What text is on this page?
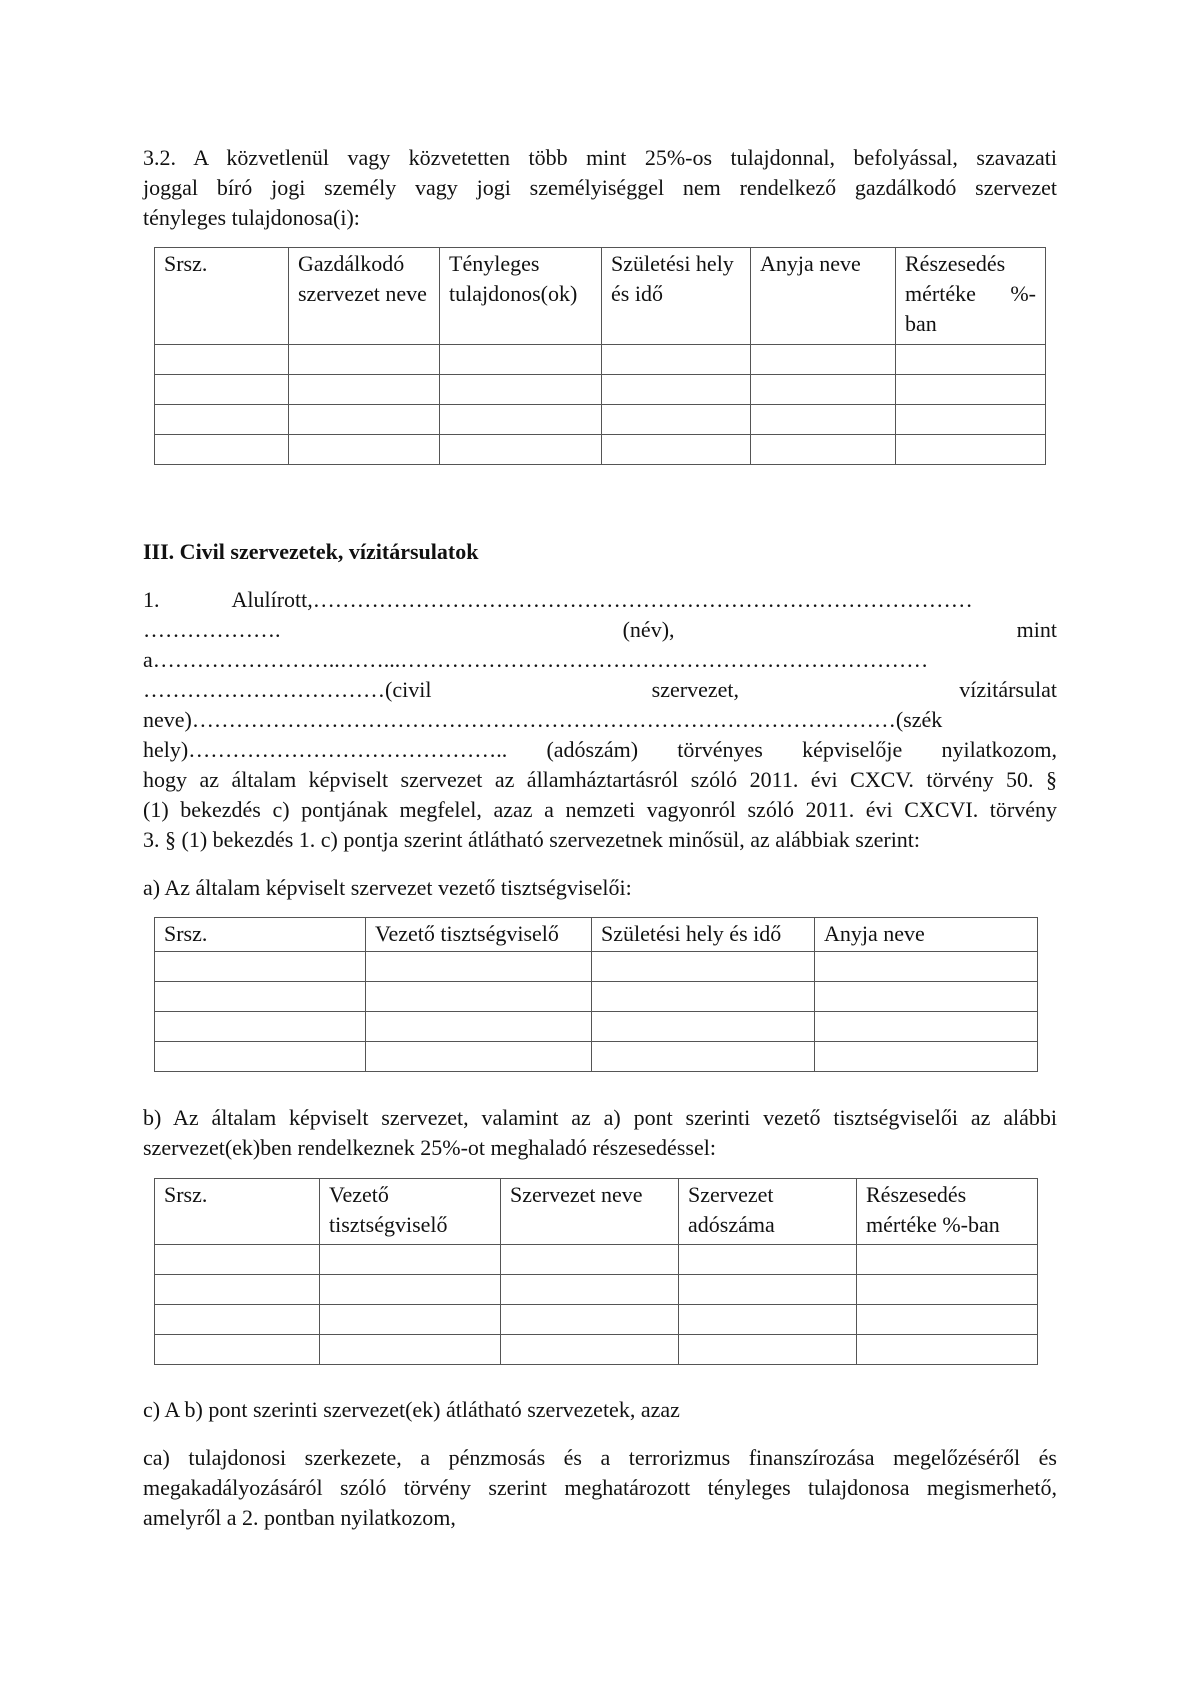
3.2. A közvetlenül vagy közvetetten több mint 25%-os tulajdonnal, befolyással, szavazati
joggal bíró jogi személy vagy jogi személyiséggel nem rendelkező gazdálkodó szervezet
tényleges tulajdonosa(i):
Srsz.	Gazdálkodó szervezet neve	Tényleges tulajdonos(ok)	Születési hely és idő	Anyja neve	Részesedés mértéke %-ban

III. Civil szervezetek, vízitársulatok
1.	Alulírott,………………………………………………………………………………
……………….	(név),	mint
a……………………..……...………………………………………………………………
……………………………(civil	szervezet,	vízitársulat
neve)……………………………………………………………………………………(szék
hely)…………………………………….. (adószám) törvényes képviselője nyilatkozom,
hogy az általam képviselt szervezet az államháztartásról szóló 2011. évi CXCV. törvény 50. §
(1) bekezdés c) pontjának megfelel, azaz a nemzeti vagyonról szóló 2011. évi CXCVI. törvény
3. § (1) bekezdés 1. c) pontja szerint átlátható szervezetnek minősül, az alábbiak szerint:
a) Az általam képviselt szervezet vezető tisztségviselői:
Srsz.	Vezető tisztségviselő	Születési hely és idő	Anyja neve

b) Az általam képviselt szervezet, valamint az a) pont szerinti vezető tisztségviselői az alábbi
szervezet(ek)ben rendelkeznek 25%-ot meghaladó részesedéssel:
Srsz.	Vezető tisztségviselő	Szervezet neve	Szervezet adószáma	Részesedés mértéke %-ban

c) A b) pont szerinti szervezet(ek) átlátható szervezetek, azaz
ca) tulajdonosi szerkezete, a pénzmosás és a terrorizmus finanszírozása megelőzéséről és
megakadályozásáról szóló törvény szerint meghatározott tényleges tulajdonosa megismerhető,
amelyről a 2. pontban nyilatkozom,
